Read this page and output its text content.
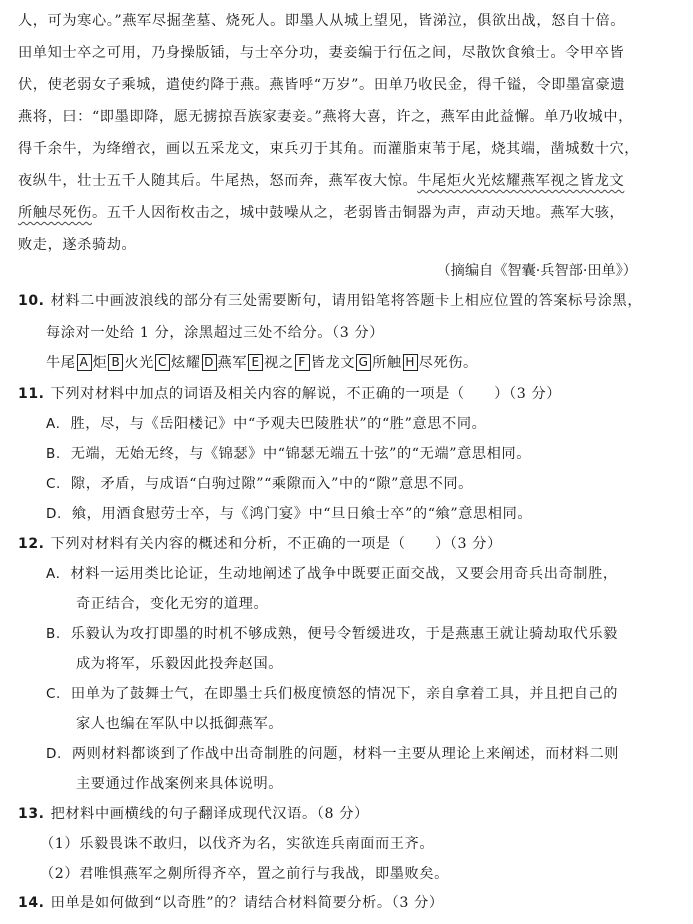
人，可为寒心。”燕军尽掘垄墓、烧死人。即墨人从城上望见，皆涕泣，俱欲出战，怒自十倍。
田单知士卒之可用，乃身操版锸，与士卒分功，妻妾编于行伍之间，尽散饮食飨士。令甲卒皆
伏，使老弱女子乘城，遣使约降于燕。燕皆呼“万岁”。田单乃收民金，得千镒，令即墨富豪遗
燕将，曰：“即墨即降，愿无掳掠吾族家妻妾。”燕将大喜，许之，燕军由此益懈。单乃收城中，
得千余牛，为绛缯衣，画以五采龙文，束兵刃于其角。而灌脂束苇于尾，烧其端，凿城数十穴，
夜纵牛，壮士五千人随其后。牛尾热，怒而奔，燕军夜大惊。牛尾炬火光炫耀燕军视之皆龙文
所触尽死伤。五千人因衔枚击之，城中鼓噪从之，老弱皆击铜器为声，声动天地。燕军大骇，
败走，遂杀骑劫。
（摘编自《智囊·兵智部·田单》）
10. 材料二中画波浪线的部分有三处需要断句，请用铅笔将答题卡上相应位置的答案标号涂黑，
每涂对一处给 1 分，涂黑超过三处不给分。（3 分）
牛尾 A 炬 B 火光 C 炫耀 D 燕军 E 视之 F 皆龙文 G 所触 H 尽死伤。
11. 下列对材料中加点的词语及相关内容的解说，不正确的一项是（　　）（3 分）
A. 胜，尽，与《岳阳楼记》中“予观夫巴陵胜状”的“胜”意思不同。
B. 无端，无始无终，与《锦瑟》中“锦瑟无端五十弦”的“无端”意思相同。
C. 隙，矛盾，与成语“白驹过隙”“乘隙而入”中的“隙”意思不同。
D. 飨，用酒食慰劳士卒，与《鸿门宴》中“旦日飨士卒”的“飨”意思相同。
12. 下列对材料有关内容的概述和分析，不正确的一项是（　　）（3 分）
A. 材料一运用类比论证，生动地阐述了战争中既要正面交战，又要会用奇兵出奇制胜，
奇正结合，变化无穷的道理。
B. 乐毅认为攻打即墨的时机不够成熟，便号令暂缓进攻，于是燕惠王就让骑劫取代乐毅
成为将军，乐毅因此投奔赵国。
C. 田单为了鼓舞士气，在即墨士兵们极度愤怒的情况下，亲自拿着工具，并且把自己的
家人也编在军队中以抵御燕军。
D. 两则材料都谈到了作战中出奇制胜的问题，材料一主要从理论上来阐述，而材料二则
主要通过作战案例来具体说明。
13. 把材料中画横线的句子翻译成现代汉语。（8 分）
（1）乐毅畏诛不敢归，以伐齐为名，实欲连兵南面而王齐。
（2）君唯惧燕军之劓所得齐卒，置之前行与我战，即墨败矣。
14. 田单是如何做到“以奇胜”的？请结合材料简要分析。（3 分）
